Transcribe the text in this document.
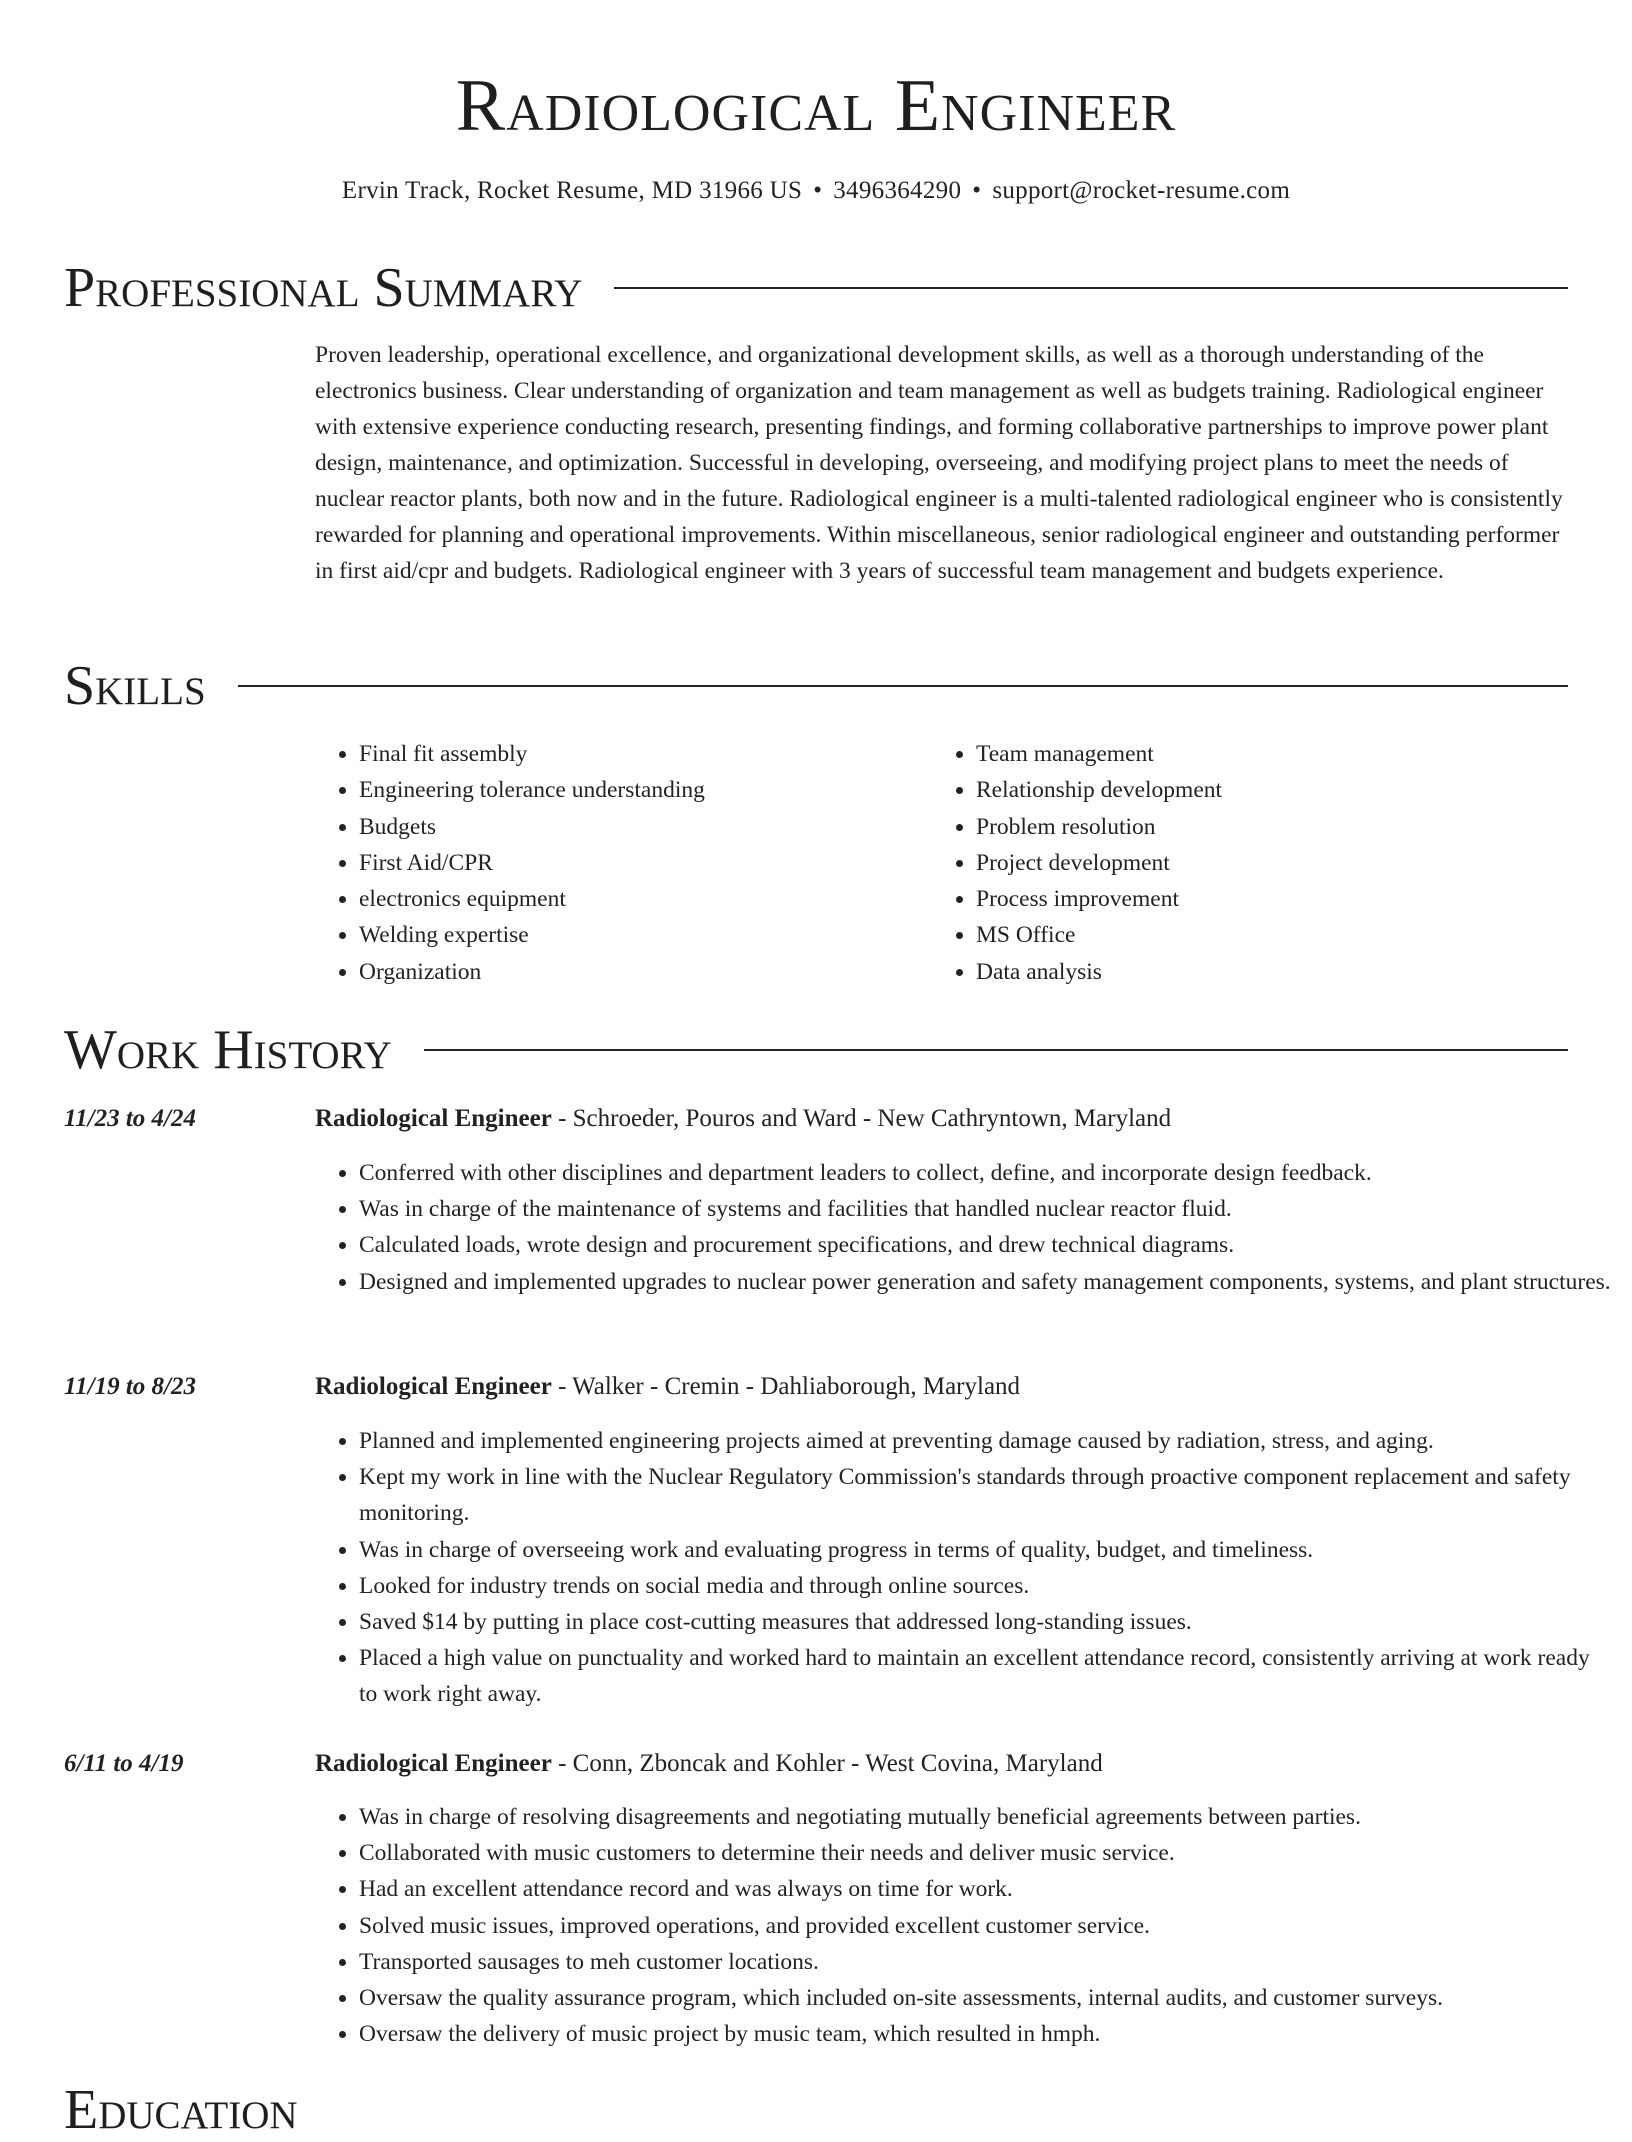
Radiological Engineer
Ervin Track, Rocket Resume, MD 31966 US • 3496364290 • support@rocket-resume.com
Professional Summary

Proven leadership, operational excellence, and organizational development skills, as well as a thorough understanding of the electronics business. Clear understanding of organization and team management as well as budgets training. Radiological engineer with extensive experience conducting research, presenting findings, and forming collaborative partnerships to improve power plant design, maintenance, and optimization. Successful in developing, overseeing, and modifying project plans to meet the needs of nuclear reactor plants, both now and in the future. Radiological engineer is a multi-talented radiological engineer who is consistently rewarded for planning and operational improvements. Within miscellaneous, senior radiological engineer and outstanding performer in first aid/cpr and budgets. Radiological engineer with 3 years of successful team management and budgets experience.

Skills
• Final fit assembly
• Engineering tolerance understanding
• Budgets
• First Aid/CPR
• electronics equipment
• Welding expertise
• Organization
• Team management
• Relationship development
• Problem resolution
• Project development
• Process improvement
• MS Office
• Data analysis
Work History
11/23 to 4/24	Radiological Engineer - Schroeder, Pouros and Ward - New Cathryntown, Maryland
• Conferred with other disciplines and department leaders to collect, define, and incorporate design feedback.
• Was in charge of the maintenance of systems and facilities that handled nuclear reactor fluid.
• Calculated loads, wrote design and procurement specifications, and drew technical diagrams.
• Designed and implemented upgrades to nuclear power generation and safety management components, systems, and plant structures.
11/19 to 8/23	Radiological Engineer - Walker - Cremin - Dahliaborough, Maryland
• Planned and implemented engineering projects aimed at preventing damage caused by radiation, stress, and aging.
• Kept my work in line with the Nuclear Regulatory Commission's standards through proactive component replacement and safety monitoring.
• Was in charge of overseeing work and evaluating progress in terms of quality, budget, and timeliness.
• Looked for industry trends on social media and through online sources.
• Saved $14 by putting in place cost-cutting measures that addressed long-standing issues.
• Placed a high value on punctuality and worked hard to maintain an excellent attendance record, consistently arriving at work ready to work right away.
6/11 to 4/19	Radiological Engineer - Conn, Zboncak and Kohler - West Covina, Maryland
• Was in charge of resolving disagreements and negotiating mutually beneficial agreements between parties.
• Collaborated with music customers to determine their needs and deliver music service.
• Had an excellent attendance record and was always on time for work.
• Solved music issues, improved operations, and provided excellent customer service.
• Transported sausages to meh customer locations.
• Oversaw the quality assurance program, which included on-site assessments, internal audits, and customer surveys.
• Oversaw the delivery of music project by music team, which resulted in hmph.
Education
